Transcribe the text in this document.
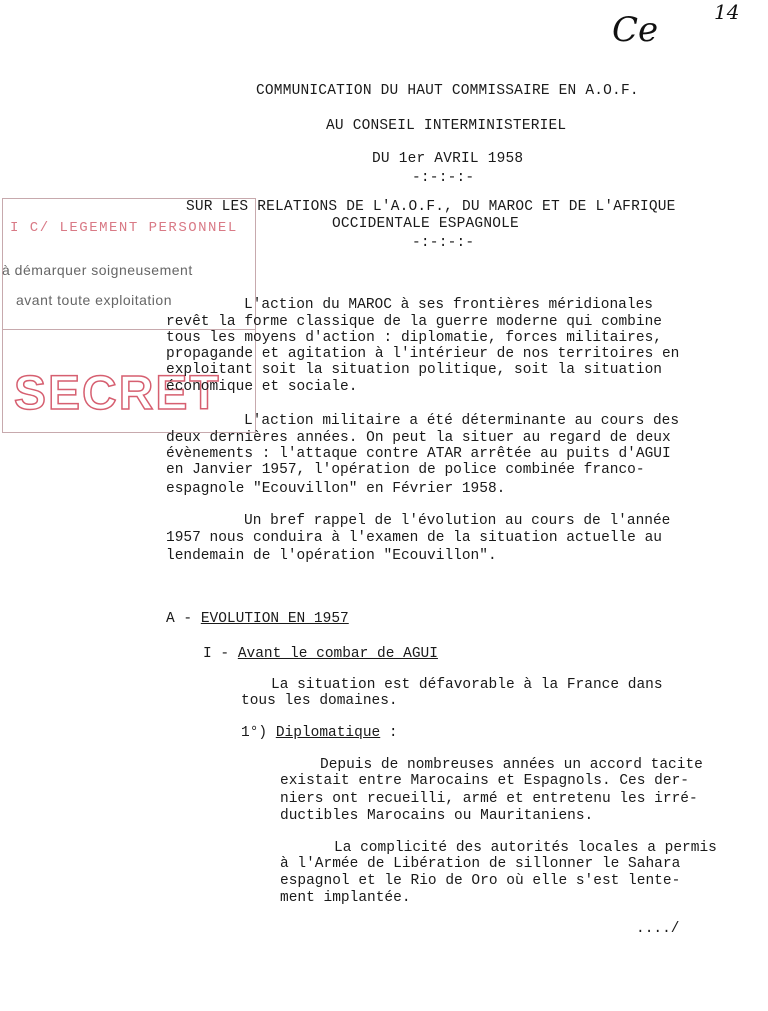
Ce	14
COMMUNICATION DU HAUT COMMISSAIRE EN A.O.F.
AU CONSEIL INTERMINISTERIEL
DU 1er AVRIL 1958
-:-:-:-
SUR LES RELATIONS DE L'A.O.F., DU MAROC ET DE L'AFRIQUE
OCCIDENTALE ESPAGNOLE
-:-:-:-
I C/ LEGEMENT PERSONNEL
à démarquer soigneusement
avant toute exploitation
SECRET
L'action du MAROC à ses frontières méridionales
revêt la forme classique de la guerre moderne qui combine
tous les moyens d'action : diplomatie, forces militaires,
propagande et agitation à l'intérieur de nos territoires en
exploitant soit la situation politique, soit la situation
économique et sociale.
L'action militaire a été déterminante au cours des
deux dernières années. On peut la situer au regard de deux
évènements : l'attaque contre ATAR arrêtée au puits d'AGUI
en Janvier 1957, l'opération de police combinée franco-
espagnole "Ecouvillon" en Février 1958.
Un bref rappel de l'évolution au cours de l'année
1957 nous conduira à l'examen de la situation actuelle au
lendemain de l'opération "Ecouvillon".
A - EVOLUTION EN 1957
I - Avant le combar de AGUI
La situation est défavorable à la France dans
tous les domaines.
1°) Diplomatique :
Depuis de nombreuses années un accord tacite
existait entre Marocains et Espagnols. Ces der-
niers ont recueilli, armé et entretenu les irré-
ductibles Marocains ou Mauritaniens.
La complicité des autorités locales a permis
à l'Armée de Libération de sillonner le Sahara
espagnol et le Rio de Oro où elle s'est lente-
ment implantée.
..../
